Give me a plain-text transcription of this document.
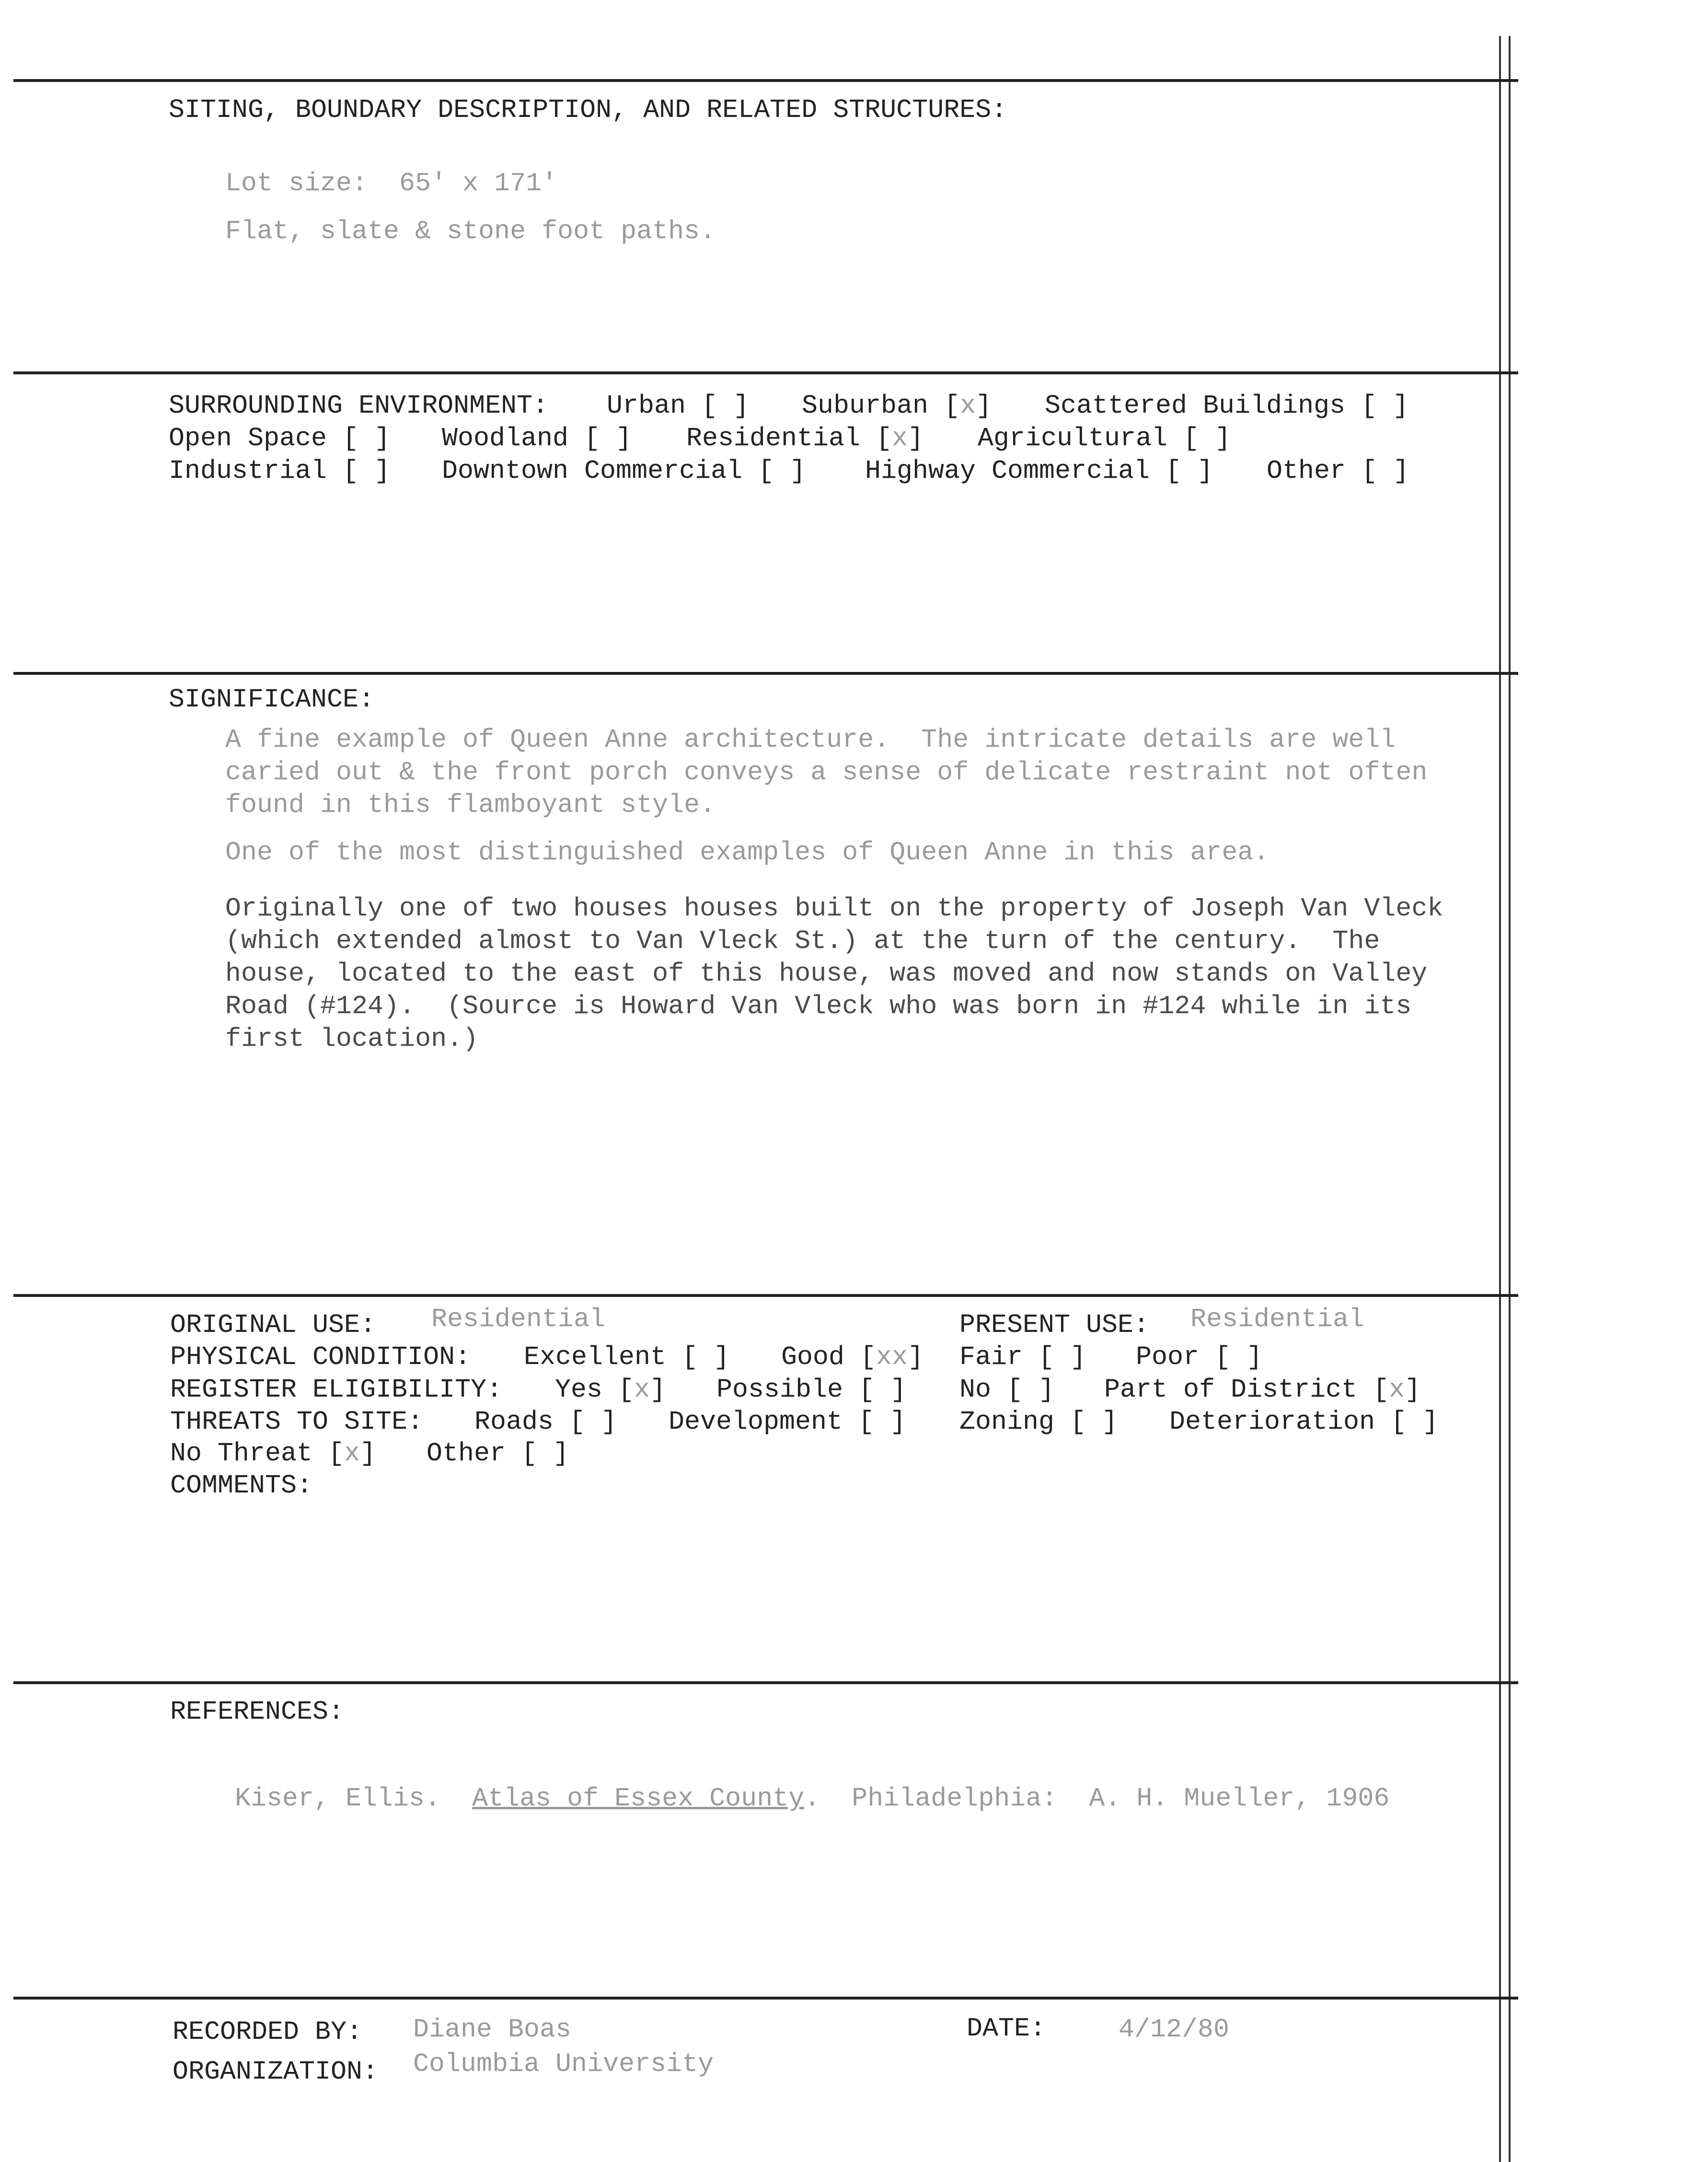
SITING, BOUNDARY DESCRIPTION, AND RELATED STRUCTURES:
Lot size:  65' x 171'
Flat, slate & stone foot paths.
SURROUNDING ENVIRONMENT: Urban [ ] Suburban [x] Scattered Buildings [ ]
Open Space [ ] Woodland [ ] Residential [x] Agricultural [ ]
Industrial [ ] Downtown Commercial [ ] Highway Commercial [ ] Other [ ]
SIGNIFICANCE:
A fine example of Queen Anne architecture.  The intricate details are well
caried out & the front porch conveys a sense of delicate restraint not often
found in this flamboyant style.
One of the most distinguished examples of Queen Anne in this area.
Originally one of two houses houses built on the property of Joseph Van Vleck
(which extended almost to Van Vleck St.) at the turn of the century.  The
house, located to the east of this house, was moved and now stands on Valley
Road (#124).  (Source is Howard Van Vleck who was born in #124 while in its
first location.)
ORIGINAL USE: Residential	PRESENT USE: Residential
PHYSICAL CONDITION: Excellent [ ] Good [xx] Fair [ ] Poor [ ]
REGISTER ELIGIBILITY: Yes [x] Possible [ ] No [ ] Part of District [x]
THREATS TO SITE: Roads [ ] Development [ ] Zoning [ ] Deterioration [ ]
No Threat [x] Other [ ]
COMMENTS:
REFERENCES:
Kiser, Ellis.  Atlas of Essex County.  Philadelphia:  A. H. Mueller, 1906
RECORDED BY: Diane Boas
ORGANIZATION: Columbia University
DATE:	4/12/80
